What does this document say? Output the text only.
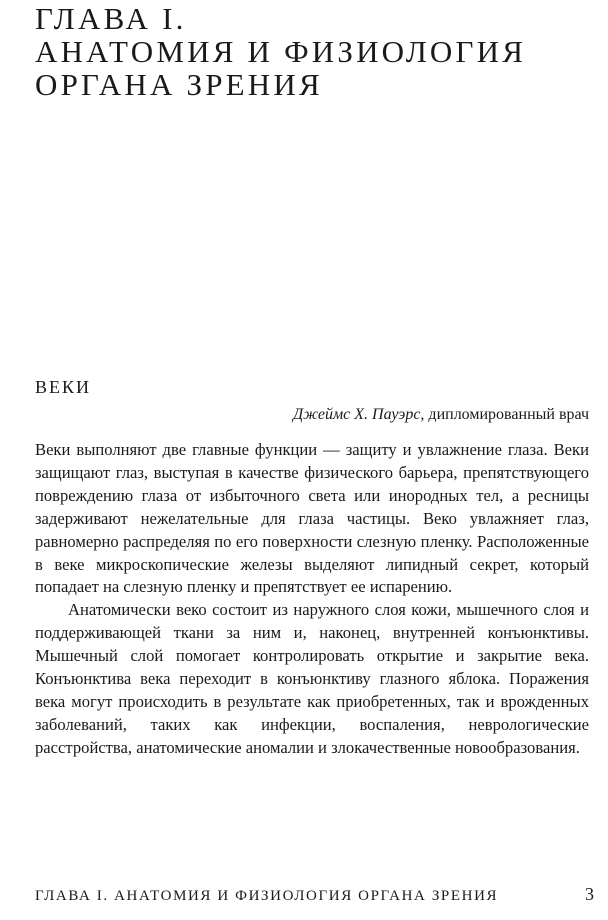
ГЛАВА I.
АНАТОМИЯ И ФИЗИОЛОГИЯ
ОРГАНА ЗРЕНИЯ
ВЕКИ
Джеймс Х. Пауэрс, дипломированный врач

Веки выполняют две главные функции — защиту и увлажнение глаза. Веки защищают глаз, выступая в качестве физического барьера, препятствующего повреждению глаза от избыточного света или инородных тел, а ресницы задерживают нежелательные для глаза частицы. Веко увлажняет глаз, равномерно распределяя по его поверхности слезную пленку. Расположенные в веке микроскопические железы выделяют липидный секрет, который попадает на слезную пленку и препятствует ее испарению.

Анатомически веко состоит из наружного слоя кожи, мышечного слоя и поддерживающей ткани за ним и, наконец, внутренней конъюнктивы. Мышечный слой помогает контролировать открытие и закрытие века. Конъюнктива века переходит в конъюнктиву глазного яблока. Поражения века могут происходить в результате как приобретенных, так и врожденных заболеваний, таких как инфекции, воспаления, неврологические расстройства, анатомические аномалии и злокачественные новообразования.

ГЛАВА I. АНАТОМИЯ И ФИЗИОЛОГИЯ ОРГАНА ЗРЕНИЯ	3
